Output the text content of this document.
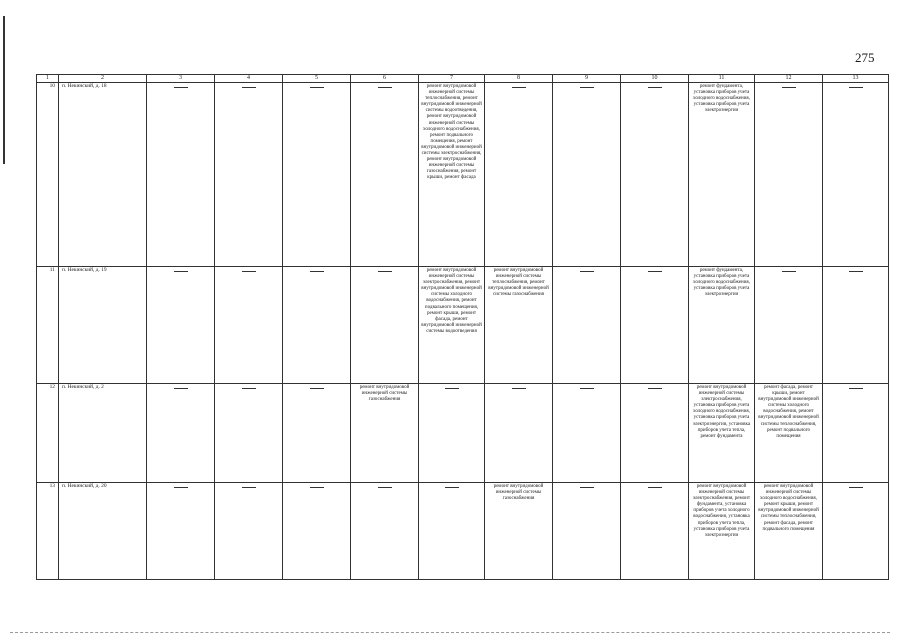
275
1	2	3	4	5	6	7	8	9	10	11	12	13
10	п. Некинский, д. 18					ремонт внутридомовой инженерной системы теплоснабжения, ремонт внутридомовой инженерной системы водоотведения, ремонт внутридомовой инженерной системы холодного водоснабжения, ремонт подвального помещения, ремонт внутридомовой инженерной системы электроснабжения, ремонт внутридомовой инженерной системы газоснабжения, ремонт крыши, ремонт фасада				ремонт фундамента, установка приборов учета холодного водоснабжения, установка приборов учета электроэнергии		

11	п. Некинский, д. 19					ремонт внутридомовой инженерной системы электроснабжения, ремонт внутридомовой инженерной системы холодного водоснабжения, ремонт подвального помещения, ремонт крыши, ремонт фасада, ремонт внутридомовой инженерной системы водоотведения	ремонт внутридомовой инженерной системы теплоснабжения, ремонт внутридомовой инженерной системы газоснабжения			ремонт фундамента, установка приборов учета холодного водоснабжения, установка приборов учета электроэнергии		

12	п. Некинский, д. 2				ремонт внутридомовой инженерной системы газоснабжения					ремонт внутридомовой инженерной системы электроснабжения, установка приборов учета холодного водоснабжения, установка приборов учета электроэнергии, установка приборов учета тепла, ремонт фундамента	ремонт фасада, ремонт крыши, ремонт внутридомовой инженерной системы холодного водоснабжения, ремонт внутридомовой инженерной системы теплоснабжения, ремонт подвального помещения	

13	п. Некинский, д. 20						ремонт внутридомовой инженерной системы газоснабжения			ремонт внутридомовой инженерной системы электроснабжения, ремонт фундамента, установка приборов учета холодного водоснабжения, установка приборов учета тепла, установка приборов учета электроэнергии	ремонт внутридомовой инженерной системы холодного водоснабжения, ремонт крыши, ремонт внутридомовой инженерной системы теплоснабжения, ремонт фасада, ремонт подвального помещения	
